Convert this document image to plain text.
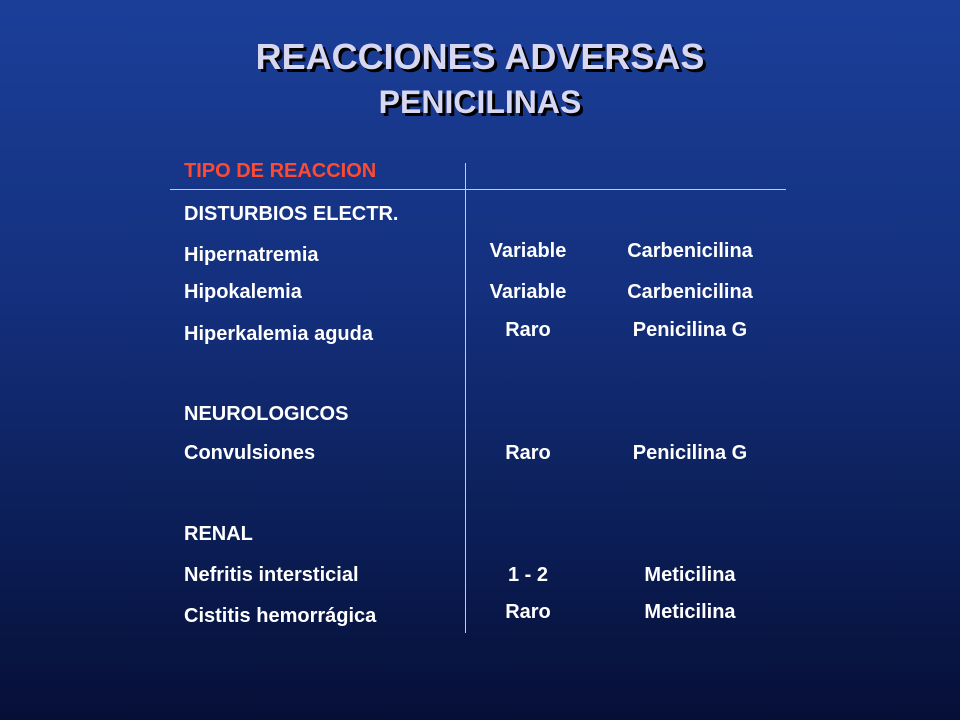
REACCIONES ADVERSAS
PENICILINAS
TIPO DE REACCION
DISTURBIOS ELECTR.
Hipernatremia	Variable	Carbenicilina
Hipokalemia	Variable	Carbenicilina
Hiperkalemia aguda	Raro	Penicilina G
NEUROLOGICOS
Convulsiones	Raro	Penicilina G
RENAL
Nefritis intersticial	1 - 2	Meticilina
Cistitis hemorrágica	Raro	Meticilina
